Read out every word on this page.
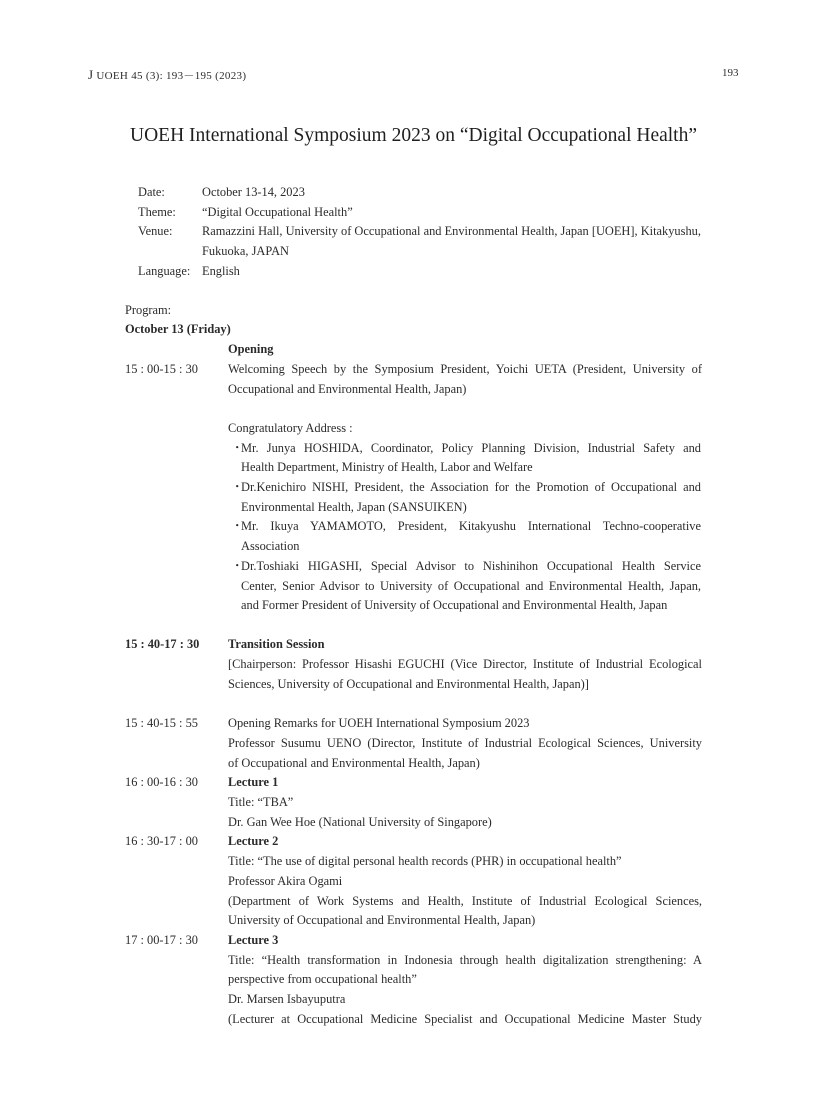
J UOEH 45 (3): 193－195 (2023)	193
UOEH International Symposium 2023 on “Digital Occupational Health”
Date:	October 13-14, 2023
Theme: “Digital Occupational Health”
Venue: Ramazzini Hall, University of Occupational and Environmental Health, Japan [UOEH], Kitakyushu,
Fukuoka, JAPAN
Language: English
Program:
October 13 (Friday)
Opening
15 : 00-15 : 30 Welcoming Speech by the Symposium President, Yoichi UETA (President, University of
Occupational and Environmental Health, Japan)
Congratulatory Address :
・
Mr. Junya HOSHIDA, Coordinator, Policy Planning Division, Industrial Safety and
Health Department, Ministry of Health, Labor and Welfare
・
Dr.Kenichiro NISHI, President, the Association for the Promotion of Occupational and
Environmental Health, Japan (SANSUIKEN)
・
Mr. Ikuya YAMAMOTO, President, Kitakyushu International Techno-cooperative
Association
・
Dr.Toshiaki HIGASHI, Special Advisor to Nishinihon Occupational Health Service
Center, Senior Advisor to University of Occupational and Environmental Health, Japan,
and Former President of University of Occupational and Environmental Health, Japan
15 : 40-17 : 30 Transition Session
[Chairperson: Professor Hisashi EGUCHI (Vice Director, Institute of Industrial Ecological
Sciences, University of Occupational and Environmental Health, Japan)]
15 : 40-15 : 55 Opening Remarks for UOEH International Symposium 2023
Professor Susumu UENO (Director, Institute of Industrial Ecological Sciences, University
of Occupational and Environmental Health, Japan)
16 : 00-16 : 30 Lecture 1
Title: “TBA”
Dr. Gan Wee Hoe (National University of Singapore)
16 : 30-17 : 00 Lecture 2
Title: “The use of digital personal health records (PHR) in occupational health”
Professor Akira Ogami
(Department of Work Systems and Health, Institute of Industrial Ecological Sciences,
University of Occupational and Environmental Health, Japan)
17 : 00-17 : 30 Lecture 3
Title: “Health transformation in Indonesia through health digitalization strengthening: A
perspective from occupational health”
Dr. Marsen Isbayuputra
(Lecturer at Occupational Medicine Specialist and Occupational Medicine Master Study
